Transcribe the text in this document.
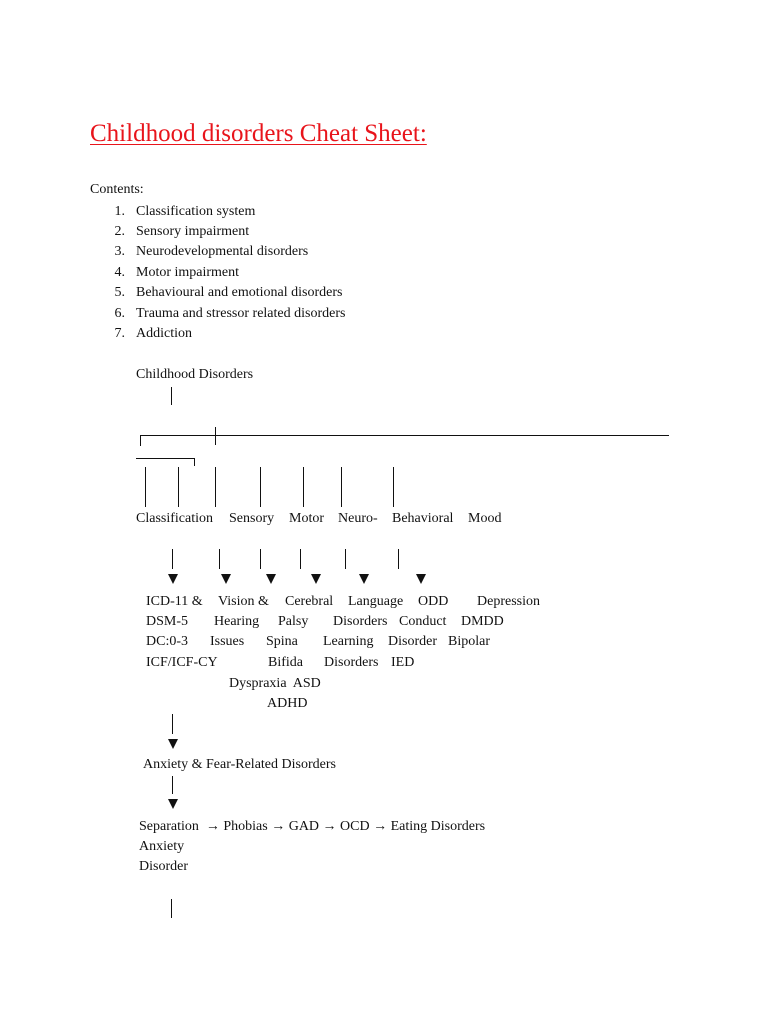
Childhood disorders Cheat Sheet:
Contents:
1. Classification system
2. Sensory impairment
3. Neurodevelopmental disorders
4. Motor impairment
5. Behavioural and emotional disorders
6. Trauma and stressor related disorders
7. Addiction
Childhood Disorders
Classification Sensory Motor Neuro- Behavioral Mood
ICD-11 &
DSM-5
DC:0-3
ICF/ICF-CY
Vision &
Hearing
Issues
Cerebral
Palsy
Spina
Bifida
Language
Disorders
Learning
Disorders
ODD
Conduct
Disorder
IED
Depression
DMDD
Bipolar
Dyspraxia  ASD
ADHD
Anxiety & Fear-Related Disorders
Separation  → Phobias → GAD → OCD → Eating Disorders
Anxiety
Disorder
